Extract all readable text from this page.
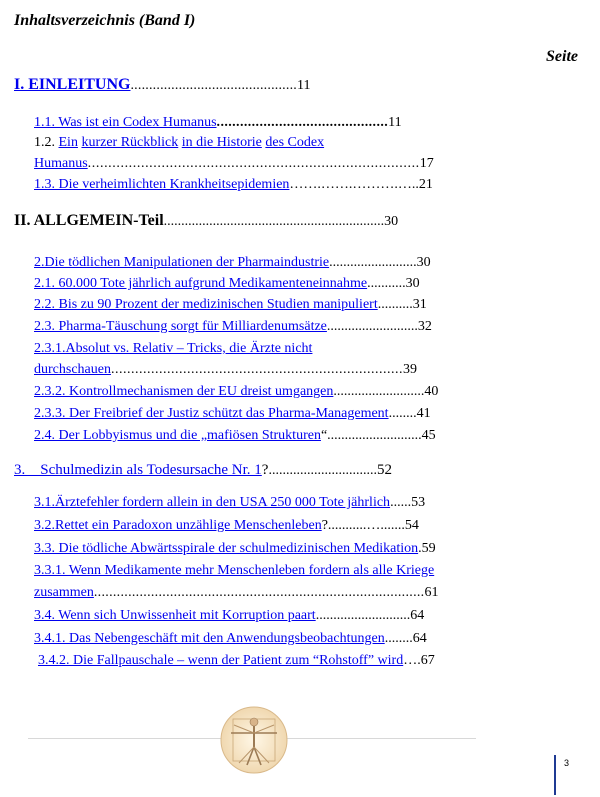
Inhaltsverzeichnis (Band I)
Seite
I. EINLEITUNG.............................................11
1.1. Was ist ein Codex Humanus............................................11
1.2. Ein kurzer Rückblick in die Historie des Codex
Humanus.................................................................................17
1.3. Die verheimlichten Krankheitsepidemien…….…….……….…..21
II. ALLGEMEIN-Teil...............................................................30
2.Die tödlichen Manipulationen der Pharmaindustrie.........................30
2.1. 60.000 Tote jährlich aufgrund Medikamenteneinnahme...........30
2.2. Bis zu 90 Prozent der medizinischen Studien manipuliert..........31
2.3. Pharma-Täuschung sorgt für Milliardenumsätze..........................32
2.3.1.Absolut vs. Relativ – Tricks, die Ärzte nicht
durchschauen.........................................................................39
2.3.2. Kontrollmechanismen der EU dreist umgangen..........................40
2.3.3. Der Freibrief der Justiz schützt das Pharma-Management........41
2.4. Der Lobbyismus und die „mafiösen Strukturen“...........................45
3.    Schulmedizin als Todesursache Nr. 1?...............................52
3.1.Ärztefehler fordern allein in den USA 250 000 Tote jährlich......53
3.2.Rettet ein Paradoxon unzählige Menschenleben?...........….......54
3.3. Die tödliche Abwärtsspirale der schulmedizinischen Medikation.59
3.3.1. Wenn Medikamente mehr Menschenleben fordern als alle Kriege
zusammen.......................................................................................61
3.4. Wenn sich Unwissenheit mit Korruption paart...........................64
3.4.1. Das Nebengeschäft mit den Anwendungsbeobachtungen........64
3.4.2. Die Fallpauschale – wenn der Patient zum “Rohstoff” wird….67
3
